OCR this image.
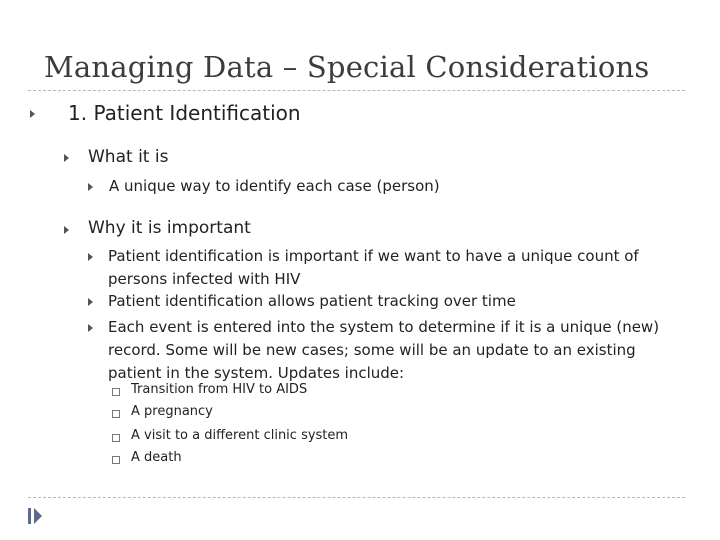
Managing Data – Special Considerations
1. Patient Identification
What it is
A unique way to identify each case (person)
Why it is important
Patient identification is important if we want to have a unique count of persons infected with HIV
Patient identification allows patient tracking over time
Each event is entered into the system to determine if it is a unique (new) record. Some will be new cases; some will be an update to an existing patient in the system. Updates include:
Transition from HIV to AIDS
A pregnancy
A visit to a different clinic system
A death
